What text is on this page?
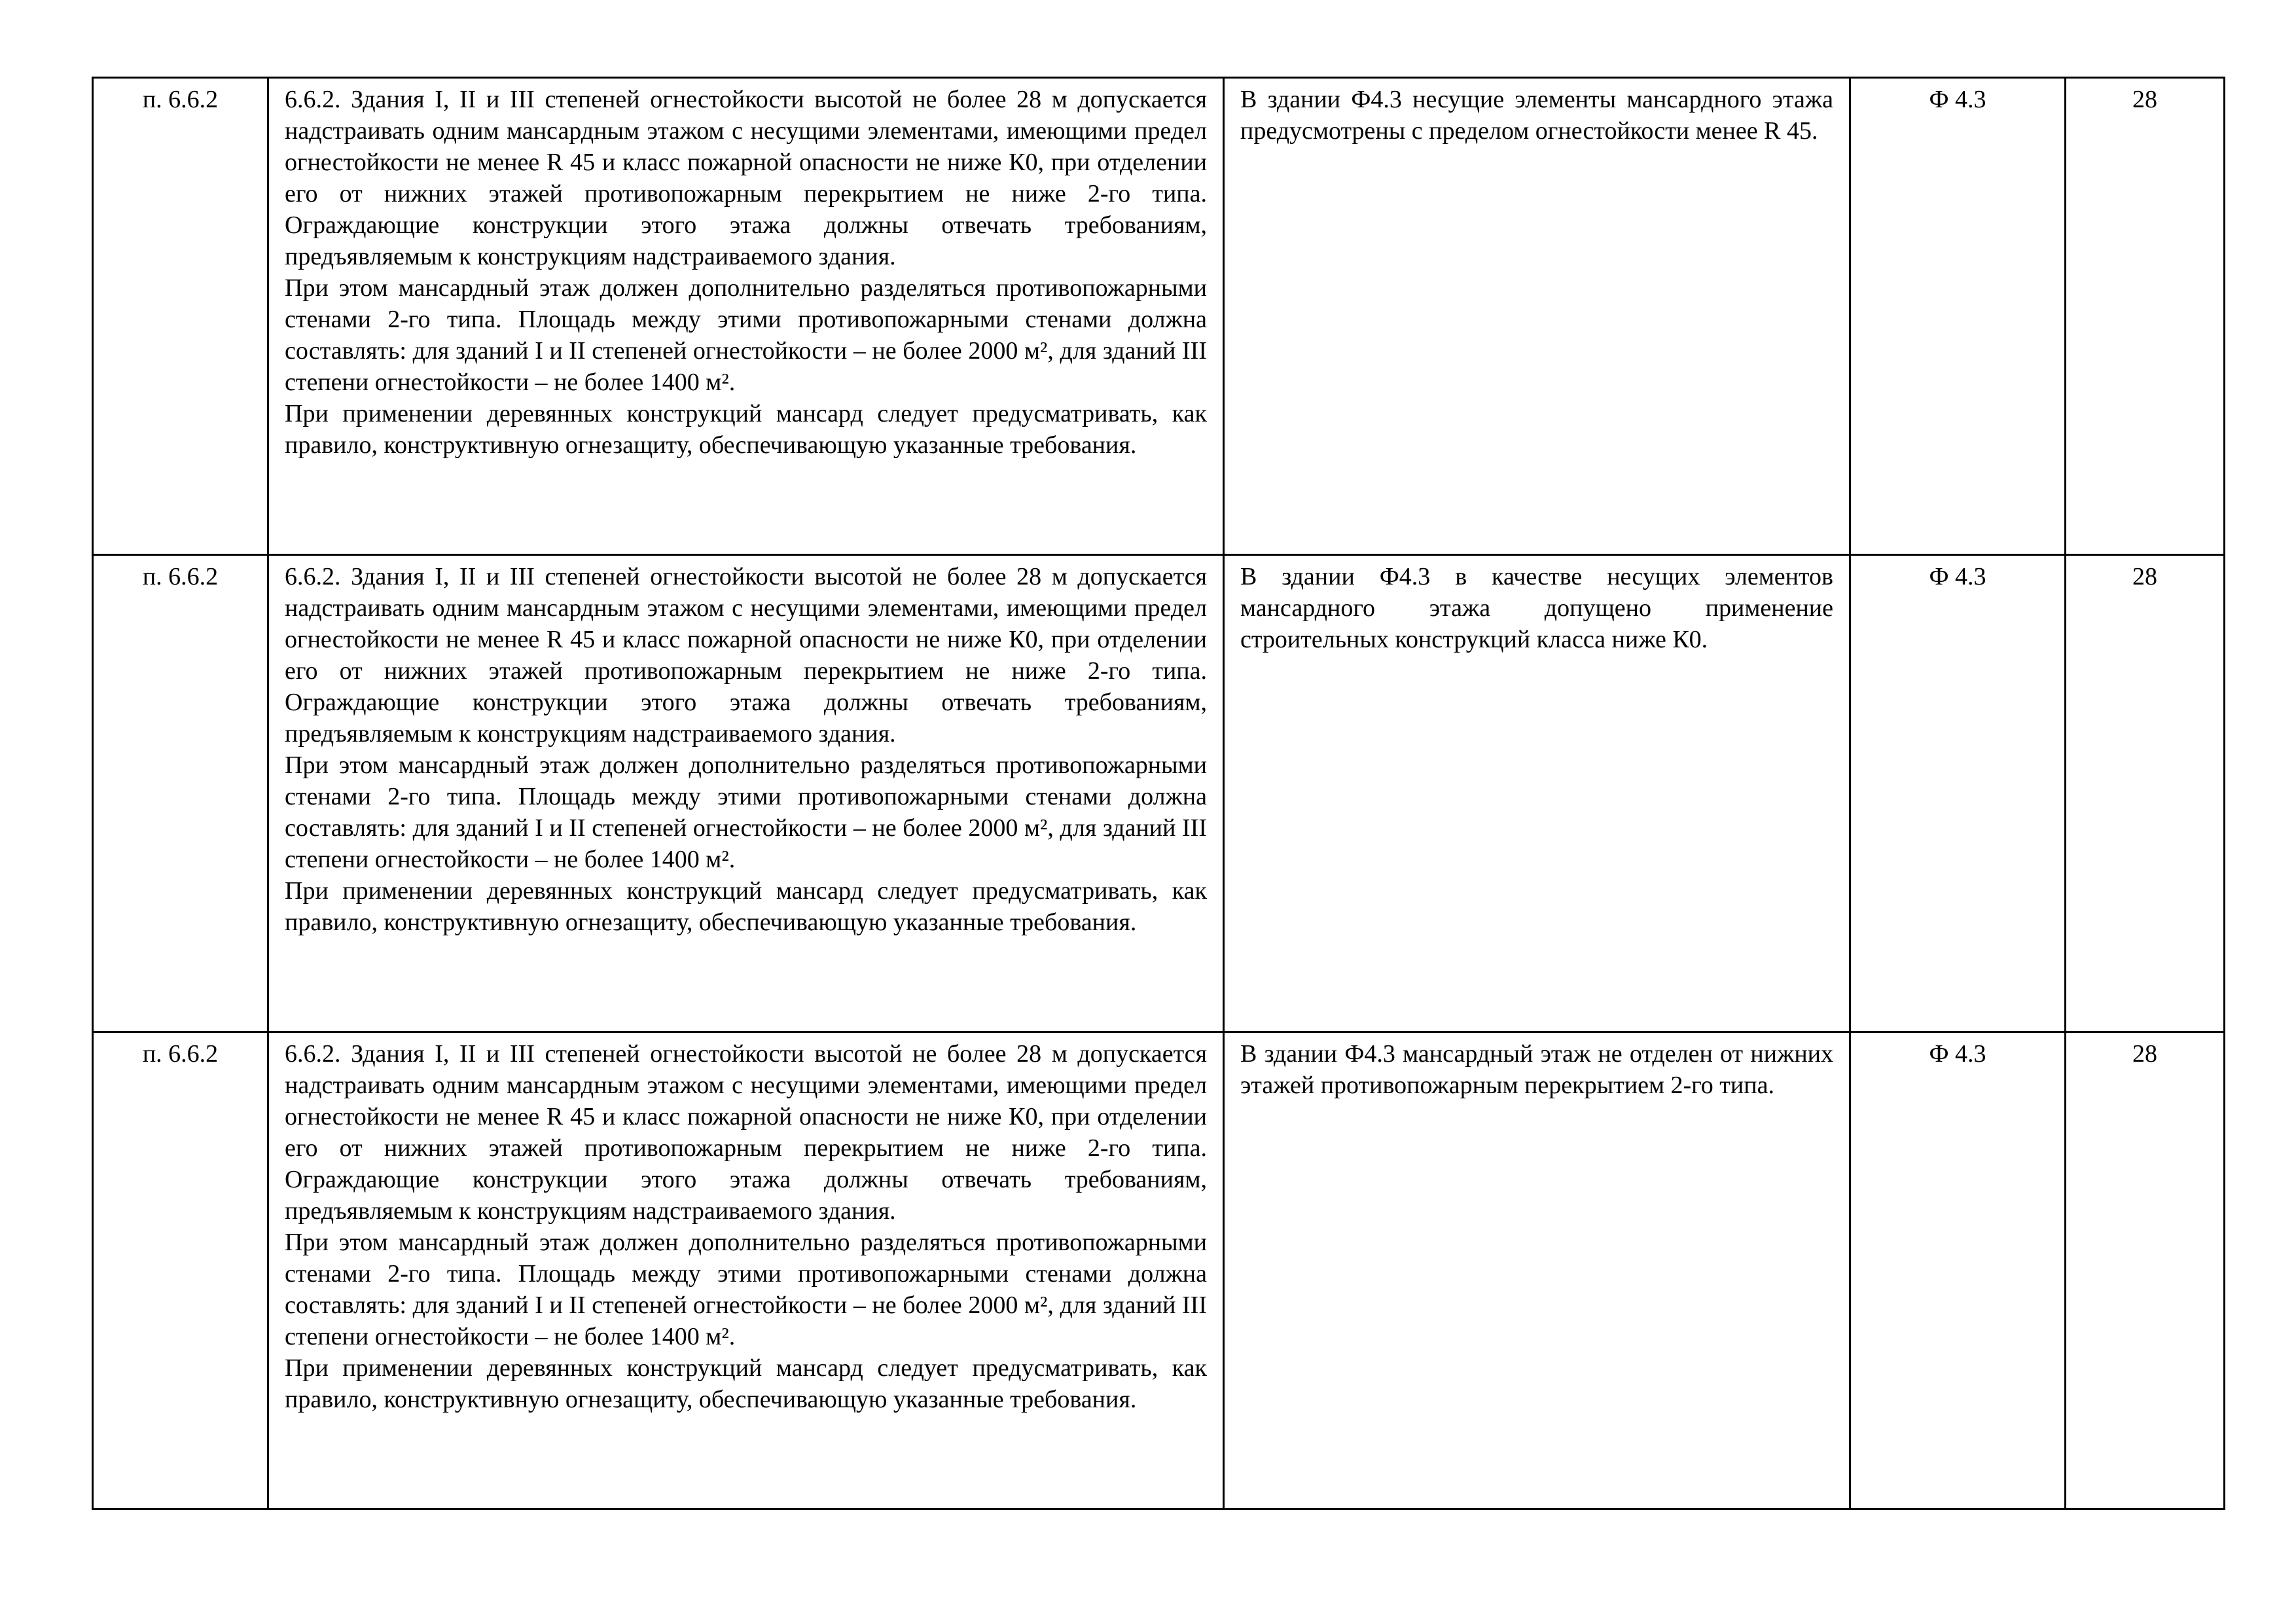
п. 6.6.2	6.6.2. Здания I, II и III степеней огнестойкости высотой не более 28 м допускается надстраивать одним мансардным этажом с несущими элементами, имеющими предел огнестойкости не менее R 45 и класс пожарной опасности не ниже К0, при отделении его от нижних этажей противопожарным перекрытием не ниже 2-го типа. Ограждающие конструкции этого этажа должны отвечать требованиям, предъявляемым к конструкциям надстраиваемого здания.

При этом мансардный этаж должен дополнительно разделяться противопожарными стенами 2-го типа. Площадь между этими противопожарными стенами должна составлять: для зданий I и II степеней огнестойкости – не более 2000 м², для зданий III степени огнестойкости – не более 1400 м².

При применении деревянных конструкций мансард следует предусматривать, как правило, конструктивную огнезащиту, обеспечивающую указанные требования.	В здании Ф4.3 несущие элементы мансардного этажа предусмотрены с пределом огнестойкости менее R 45.	Ф 4.3	28
п. 6.6.2	6.6.2. Здания I, II и III степеней огнестойкости высотой не более 28 м допускается надстраивать одним мансардным этажом с несущими элементами, имеющими предел огнестойкости не менее R 45 и класс пожарной опасности не ниже К0, при отделении его от нижних этажей противопожарным перекрытием не ниже 2-го типа. Ограждающие конструкции этого этажа должны отвечать требованиям, предъявляемым к конструкциям надстраиваемого здания.

При этом мансардный этаж должен дополнительно разделяться противопожарными стенами 2-го типа. Площадь между этими противопожарными стенами должна составлять: для зданий I и II степеней огнестойкости – не более 2000 м², для зданий III степени огнестойкости – не более 1400 м².

При применении деревянных конструкций мансард следует предусматривать, как правило, конструктивную огнезащиту, обеспечивающую указанные требования.	В здании Ф4.3 в качестве несущих элементов мансардного этажа допущено применение строительных конструкций класса ниже К0.	Ф 4.3	28
п. 6.6.2	6.6.2. Здания I, II и III степеней огнестойкости высотой не более 28 м допускается надстраивать одним мансардным этажом с несущими элементами, имеющими предел огнестойкости не менее R 45 и класс пожарной опасности не ниже К0, при отделении его от нижних этажей противопожарным перекрытием не ниже 2-го типа. Ограждающие конструкции этого этажа должны отвечать требованиям, предъявляемым к конструкциям надстраиваемого здания.

При этом мансардный этаж должен дополнительно разделяться противопожарными стенами 2-го типа. Площадь между этими противопожарными стенами должна составлять: для зданий I и II степеней огнестойкости – не более 2000 м², для зданий III степени огнестойкости – не более 1400 м².

При применении деревянных конструкций мансард следует предусматривать, как правило, конструктивную огнезащиту, обеспечивающую указанные требования.	В здании Ф4.3 мансардный этаж не отделен от нижних этажей противопожарным перекрытием 2-го типа.	Ф 4.3	28
